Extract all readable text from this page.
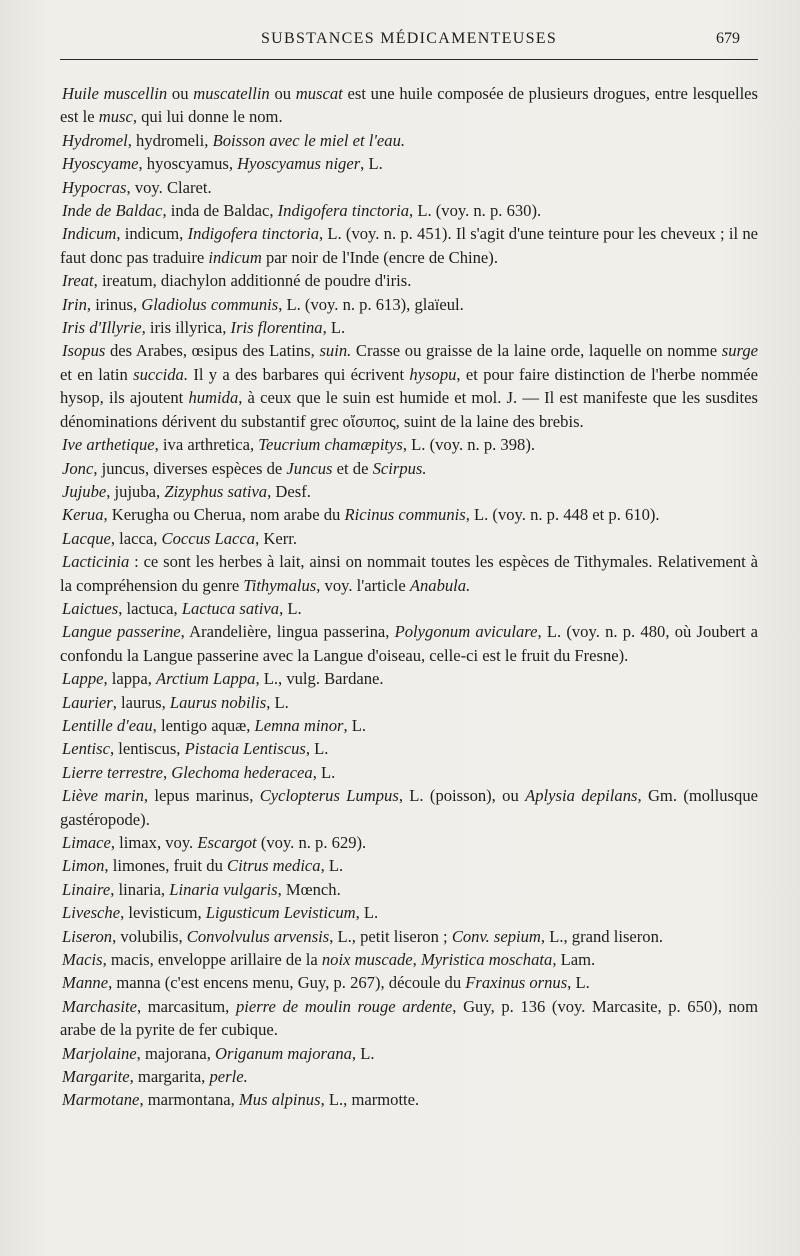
SUBSTANCES MÉDICAMENTEUSES	679

Huile muscellin ou muscatellin ou muscat est une huile composée de plusieurs drogues, entre lesquelles est le musc, qui lui donne le nom.

Hydromel, hydromeli, Boisson avec le miel et l'eau.

Hyoscyame, hyoscyamus, Hyoscyamus niger, L.

Hypocras, voy. Claret.

Inde de Baldac, inda de Baldac, Indigofera tinctoria, L. (voy. n. p. 630).

Indicum, indicum, Indigofera tinctoria, L. (voy. n. p. 451). Il s'agit d'une teinture pour les cheveux ; il ne faut donc pas traduire indicum par noir de l'Inde (encre de Chine).

Ireat, ireatum, diachylon additionné de poudre d'iris.

Irin, irinus, Gladiolus communis, L. (voy. n. p. 613), glaïeul.

Iris d'Illyrie, iris illyrica, Iris florentina, L.

Isopus des Arabes, œsipus des Latins, suin. Crasse ou graisse de la laine orde, laquelle on nomme surge et en latin succida. Il y a des barbares qui écrivent hysopu, et pour faire distinction de l'herbe nommée hysop, ils ajoutent humida, à ceux que le suin est humide et mol. J. — Il est manifeste que les susdites dénominations dérivent du substantif grec οἴσυπος, suint de la laine des brebis.

Ive arthetique, iva arthretica, Teucrium chamæpitys, L. (voy. n. p. 398).

Jonc, juncus, diverses espèces de Juncus et de Scirpus.

Jujube, jujuba, Zizyphus sativa, Desf.

Kerua, Kerugha ou Cherua, nom arabe du Ricinus communis, L. (voy. n. p. 448 et p. 610).

Lacque, lacca, Coccus Lacca, Kerr.

Lacticinia : ce sont les herbes à lait, ainsi on nommait toutes les espèces de Tithymales. Relativement à la compréhension du genre Tithymalus, voy. l'article Anabula.

Laictues, lactuca, Lactuca sativa, L.

Langue passerine, Arandelière, lingua passerina, Polygonum aviculare, L. (voy. n. p. 480, où Joubert a confondu la Langue passerine avec la Langue d'oiseau, celle-ci est le fruit du Fresne).

Lappe, lappa, Arctium Lappa, L., vulg. Bardane.

Laurier, laurus, Laurus nobilis, L.

Lentille d'eau, lentigo aquæ, Lemna minor, L.

Lentisc, lentiscus, Pistacia Lentiscus, L.

Lierre terrestre, Glechoma hederacea, L.

Liève marin, lepus marinus, Cyclopterus Lumpus, L. (poisson), ou Aplysia depilans, Gm. (mollusque gastéropode).

Limace, limax, voy. Escargot (voy. n. p. 629).

Limon, limones, fruit du Citrus medica, L.

Linaire, linaria, Linaria vulgaris, Mœnch.

Livesche, levisticum, Ligusticum Levisticum, L.

Liseron, volubilis, Convolvulus arvensis, L., petit liseron ; Conv. sepium, L., grand liseron.

Macis, macis, enveloppe arillaire de la noix muscade, Myristica moschata, Lam.

Manne, manna (c'est encens menu, Guy, p. 267), découle du Fraxinus ornus, L.

Marchasite, marcasitum, pierre de moulin rouge ardente, Guy, p. 136 (voy. Marcasite, p. 650), nom arabe de la pyrite de fer cubique.

Marjolaine, majorana, Origanum majorana, L.

Margarite, margarita, perle.

Marmotane, marmontana, Mus alpinus, L., marmotte.
